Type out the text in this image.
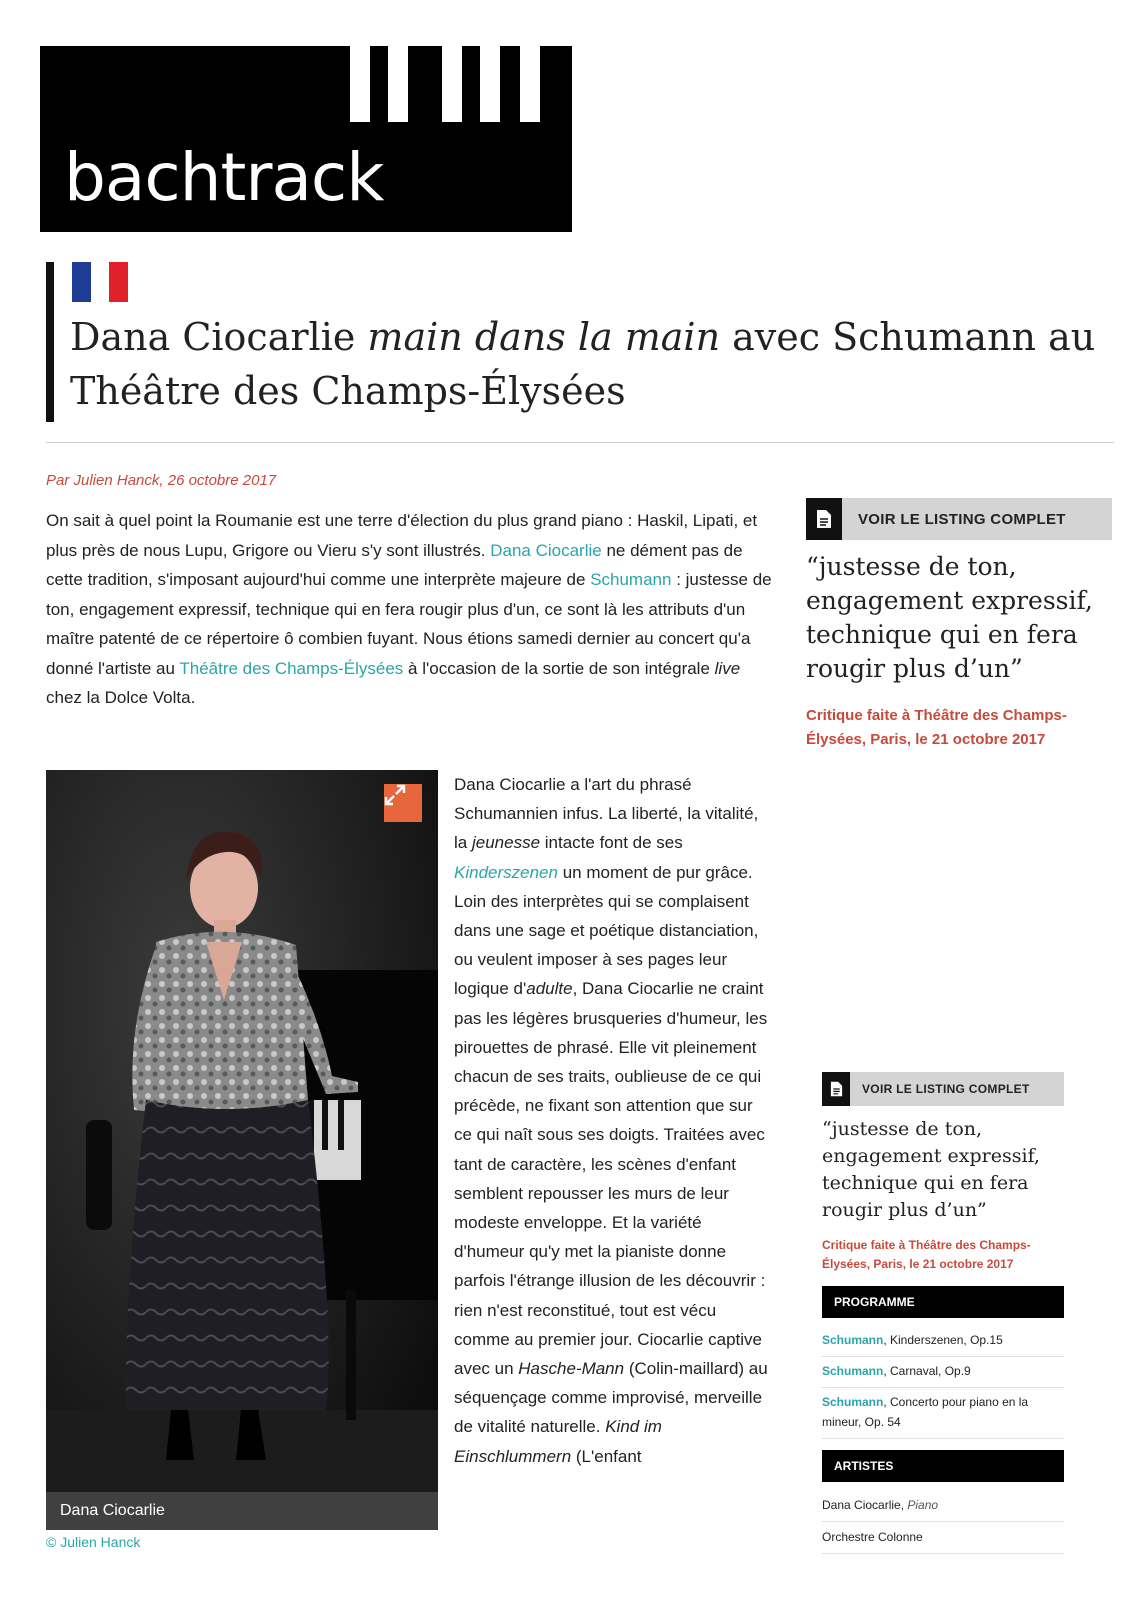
bachtrack
Dana Ciocarlie main dans la main avec Schumann au Théâtre des Champs-Élysées
Par Julien Hanck, 26 octobre 2017

On sait à quel point la Roumanie est une terre d'élection du plus grand piano : Haskil, Lipati, et plus près de nous Lupu, Grigore ou Vieru s'y sont illustrés. Dana Ciocarlie ne dément pas de cette tradition, s'imposant aujourd'hui comme une interprète majeure de Schumann : justesse de ton, engagement expressif, technique qui en fera rougir plus d'un, ce sont là les attributs d'un maître patenté de ce répertoire ô combien fuyant. Nous étions samedi dernier au concert qu'a donné l'artiste au Théâtre des Champs-Élysées à l'occasion de la sortie de son intégrale live chez la Dolce Volta.

Dana Ciocarlie
© Julien Hanck

Dana Ciocarlie a l'art du phrasé Schumannien infus. La liberté, la vitalité, la jeunesse intacte font de ses Kinderszenen un moment de pur grâce. Loin des interprètes qui se complaisent dans une sage et poétique distanciation, ou veulent imposer à ses pages leur logique d'adulte, Dana Ciocarlie ne craint pas les légères brusqueries d'humeur, les pirouettes de phrasé. Elle vit pleinement chacun de ses traits, oublieuse de ce qui précède, ne fixant son attention que sur ce qui naît sous ses doigts. Traitées avec tant de caractère, les scènes d'enfant semblent repousser les murs de leur modeste enveloppe. Et la variété d'humeur qu'y met la pianiste donne parfois l'étrange illusion de les découvrir : rien n'est reconstitué, tout est vécu comme au premier jour. Ciocarlie captive avec un Hasche-Mann (Colin-maillard) au séquençage comme improvisé, merveille de vitalité naturelle. Kind im Einschlummern (L'enfant

VOIR LE LISTING COMPLET

“justesse de ton, engagement expressif, technique qui en fera rougir plus d’un”

Critique faite à Théâtre des Champs-Élysées, Paris, le 21 octobre 2017

VOIR LE LISTING COMPLET

“justesse de ton, engagement expressif, technique qui en fera rougir plus d’un”

Critique faite à Théâtre des Champs-Élysées, Paris, le 21 octobre 2017

PROGRAMME
Schumann, Kinderszenen, Op.15
Schumann, Carnaval, Op.9
Schumann, Concerto pour piano en la mineur, Op. 54
ARTISTES
Dana Ciocarlie, Piano
Orchestre Colonne
